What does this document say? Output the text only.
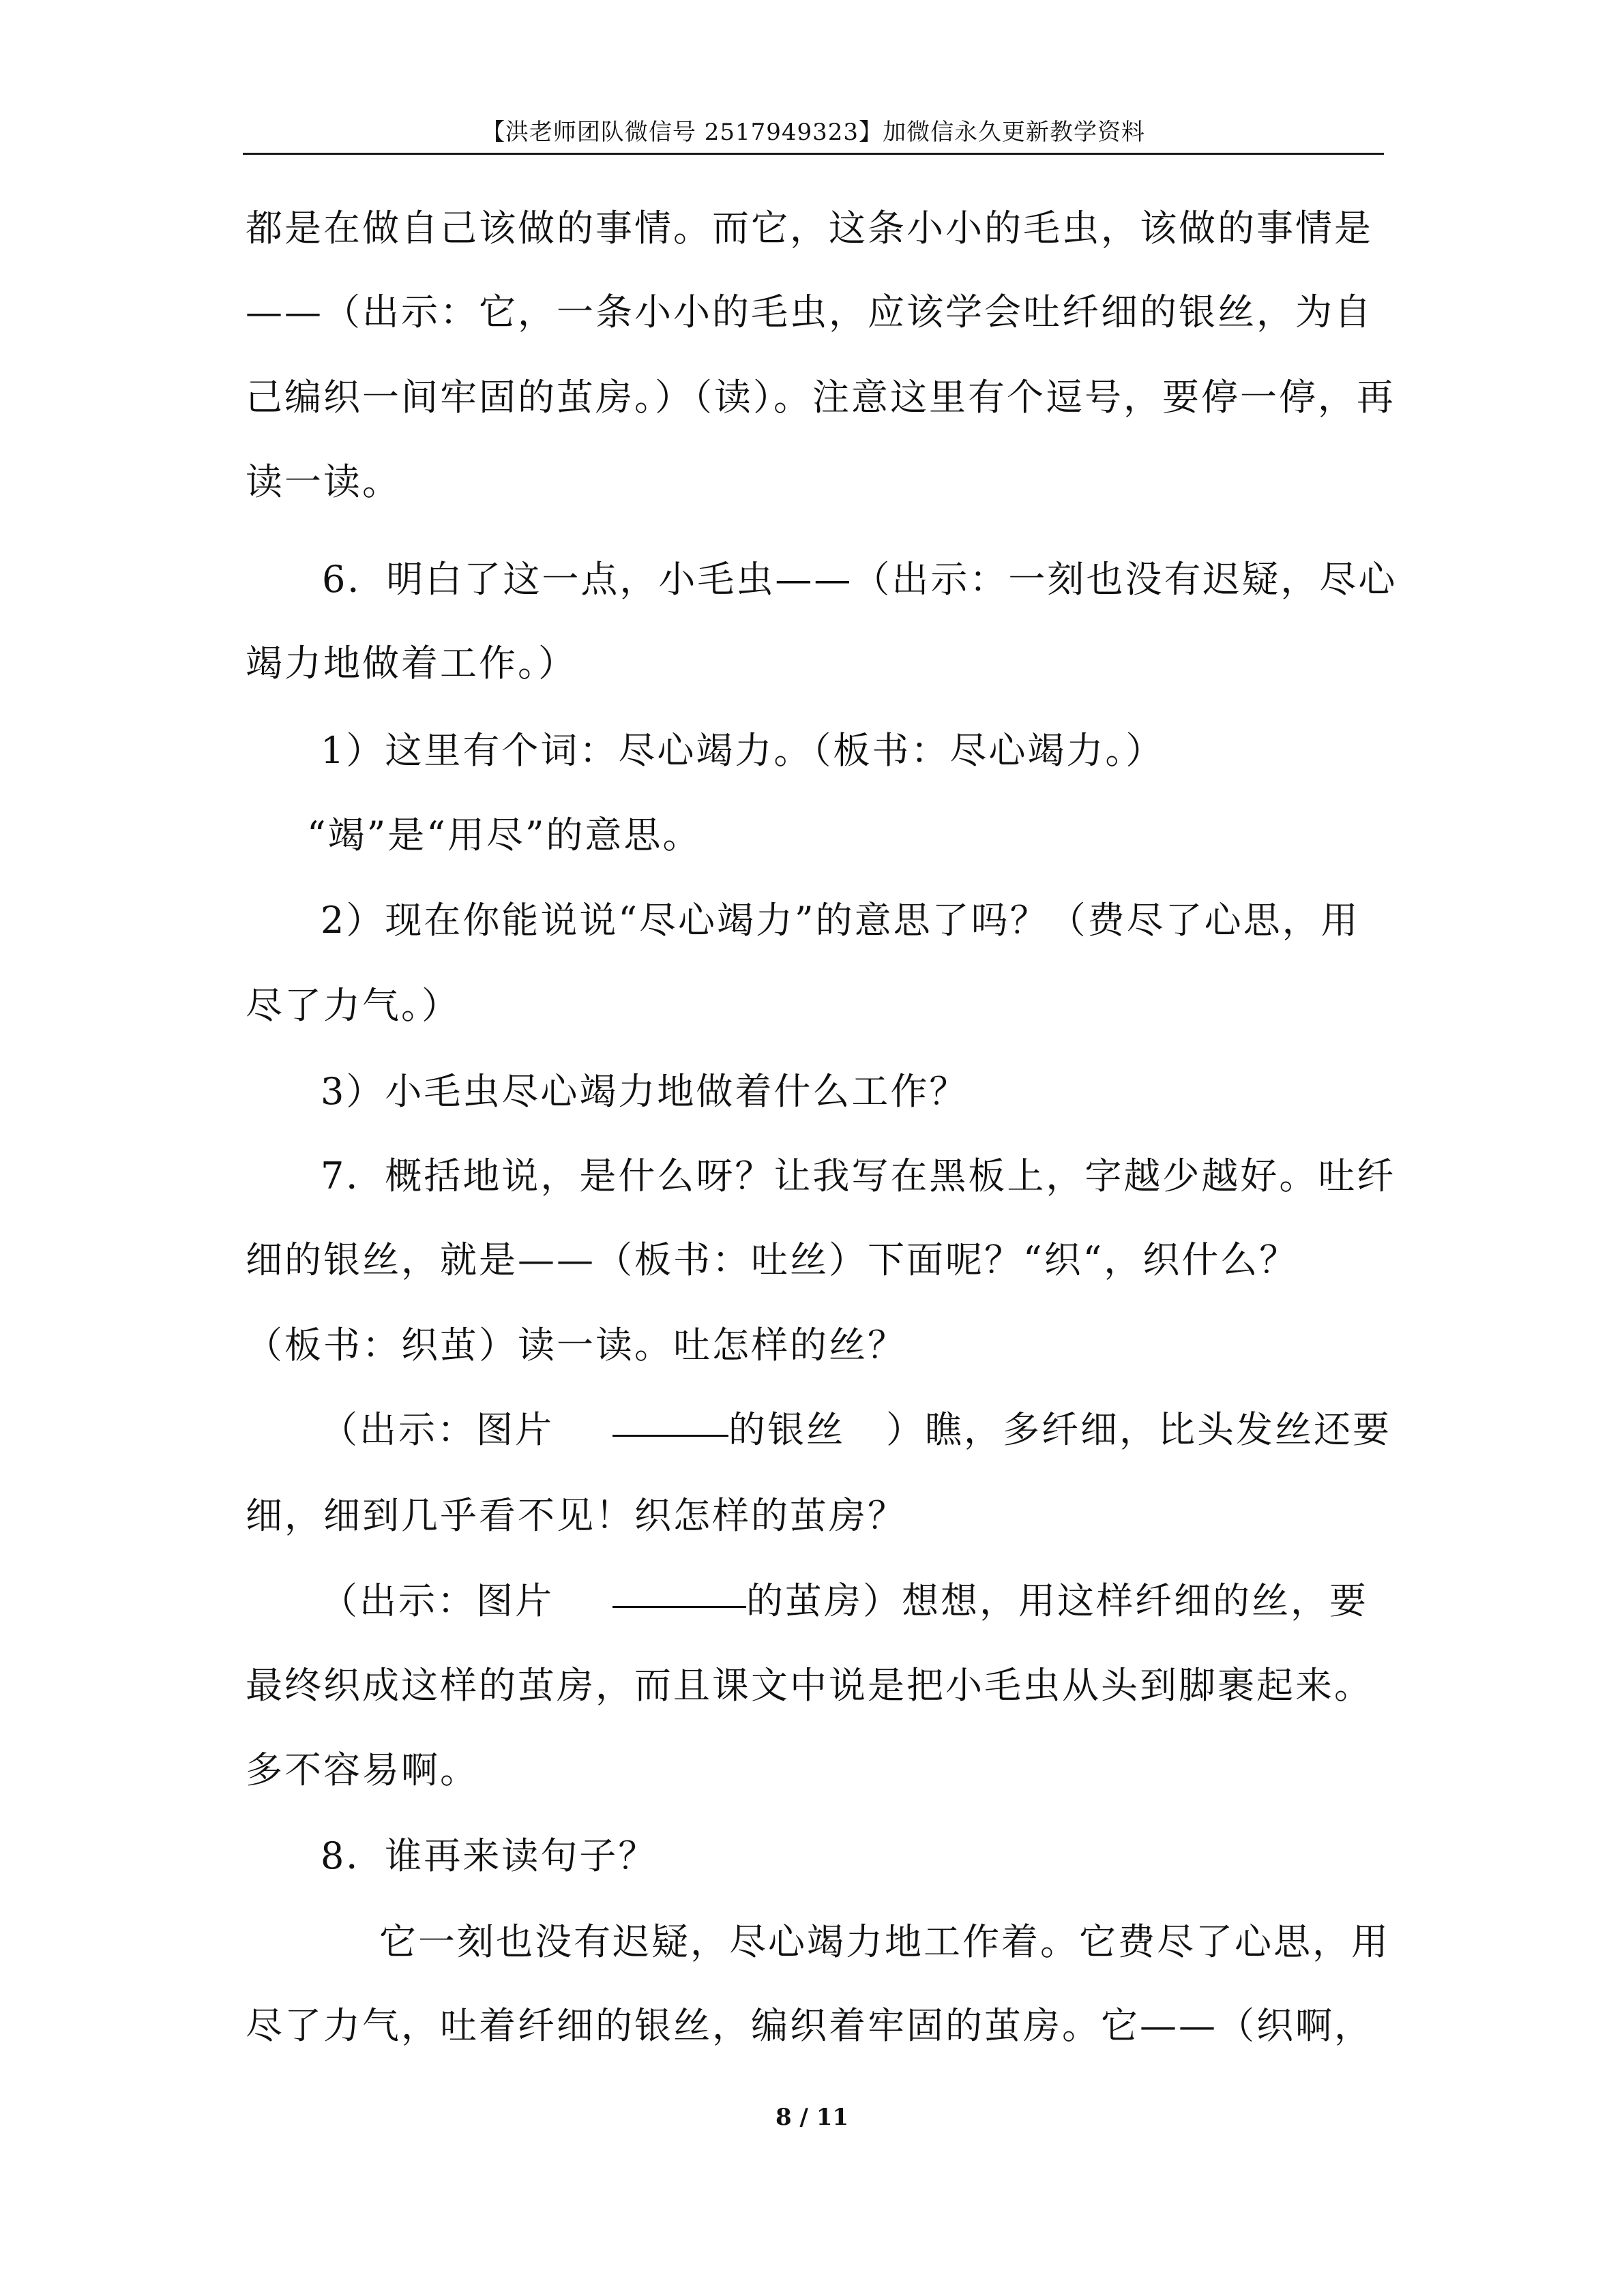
【洪老师团队微信号 2517949323】加微信永久更新教学资料
都是在做自己该做的事情。而它，这条小小的毛虫，该做的事情是
——（出示：它，一条小小的毛虫，应该学会吐纤细的银丝，为自
己编织一间牢固的茧房。）（读）。注意这里有个逗号，要停一停，再
读一读。
6．明白了这一点，小毛虫——（出示：一刻也没有迟疑，尽心
竭力地做着工作。）
1）这里有个词：尽心竭力。（板书：尽心竭力。）
“竭”是“用尽”的意思。
2）现在你能说说“尽心竭力”的意思了吗？（费尽了心思，用
尽了力气。）
3）小毛虫尽心竭力地做着什么工作？
7．概括地说，是什么呀？让我写在黑板上，字越少越好。吐纤
细的银丝，就是——（板书：吐丝）下面呢？“织“，织什么？
（板书：织茧）读一读。吐怎样的丝？
（出示：图片	的银丝 ）瞧，多纤细，比头发丝还要
细，细到几乎看不见！织怎样的茧房？
（出示：图片	的茧房）想想，用这样纤细的丝，要
最终织成这样的茧房，而且课文中说是把小毛虫从头到脚裹起来。
多不容易啊。
8．谁再来读句子？
它一刻也没有迟疑，尽心竭力地工作着。它费尽了心思，用
尽了力气，吐着纤细的银丝，编织着牢固的茧房。它——（织啊，
8 / 11
